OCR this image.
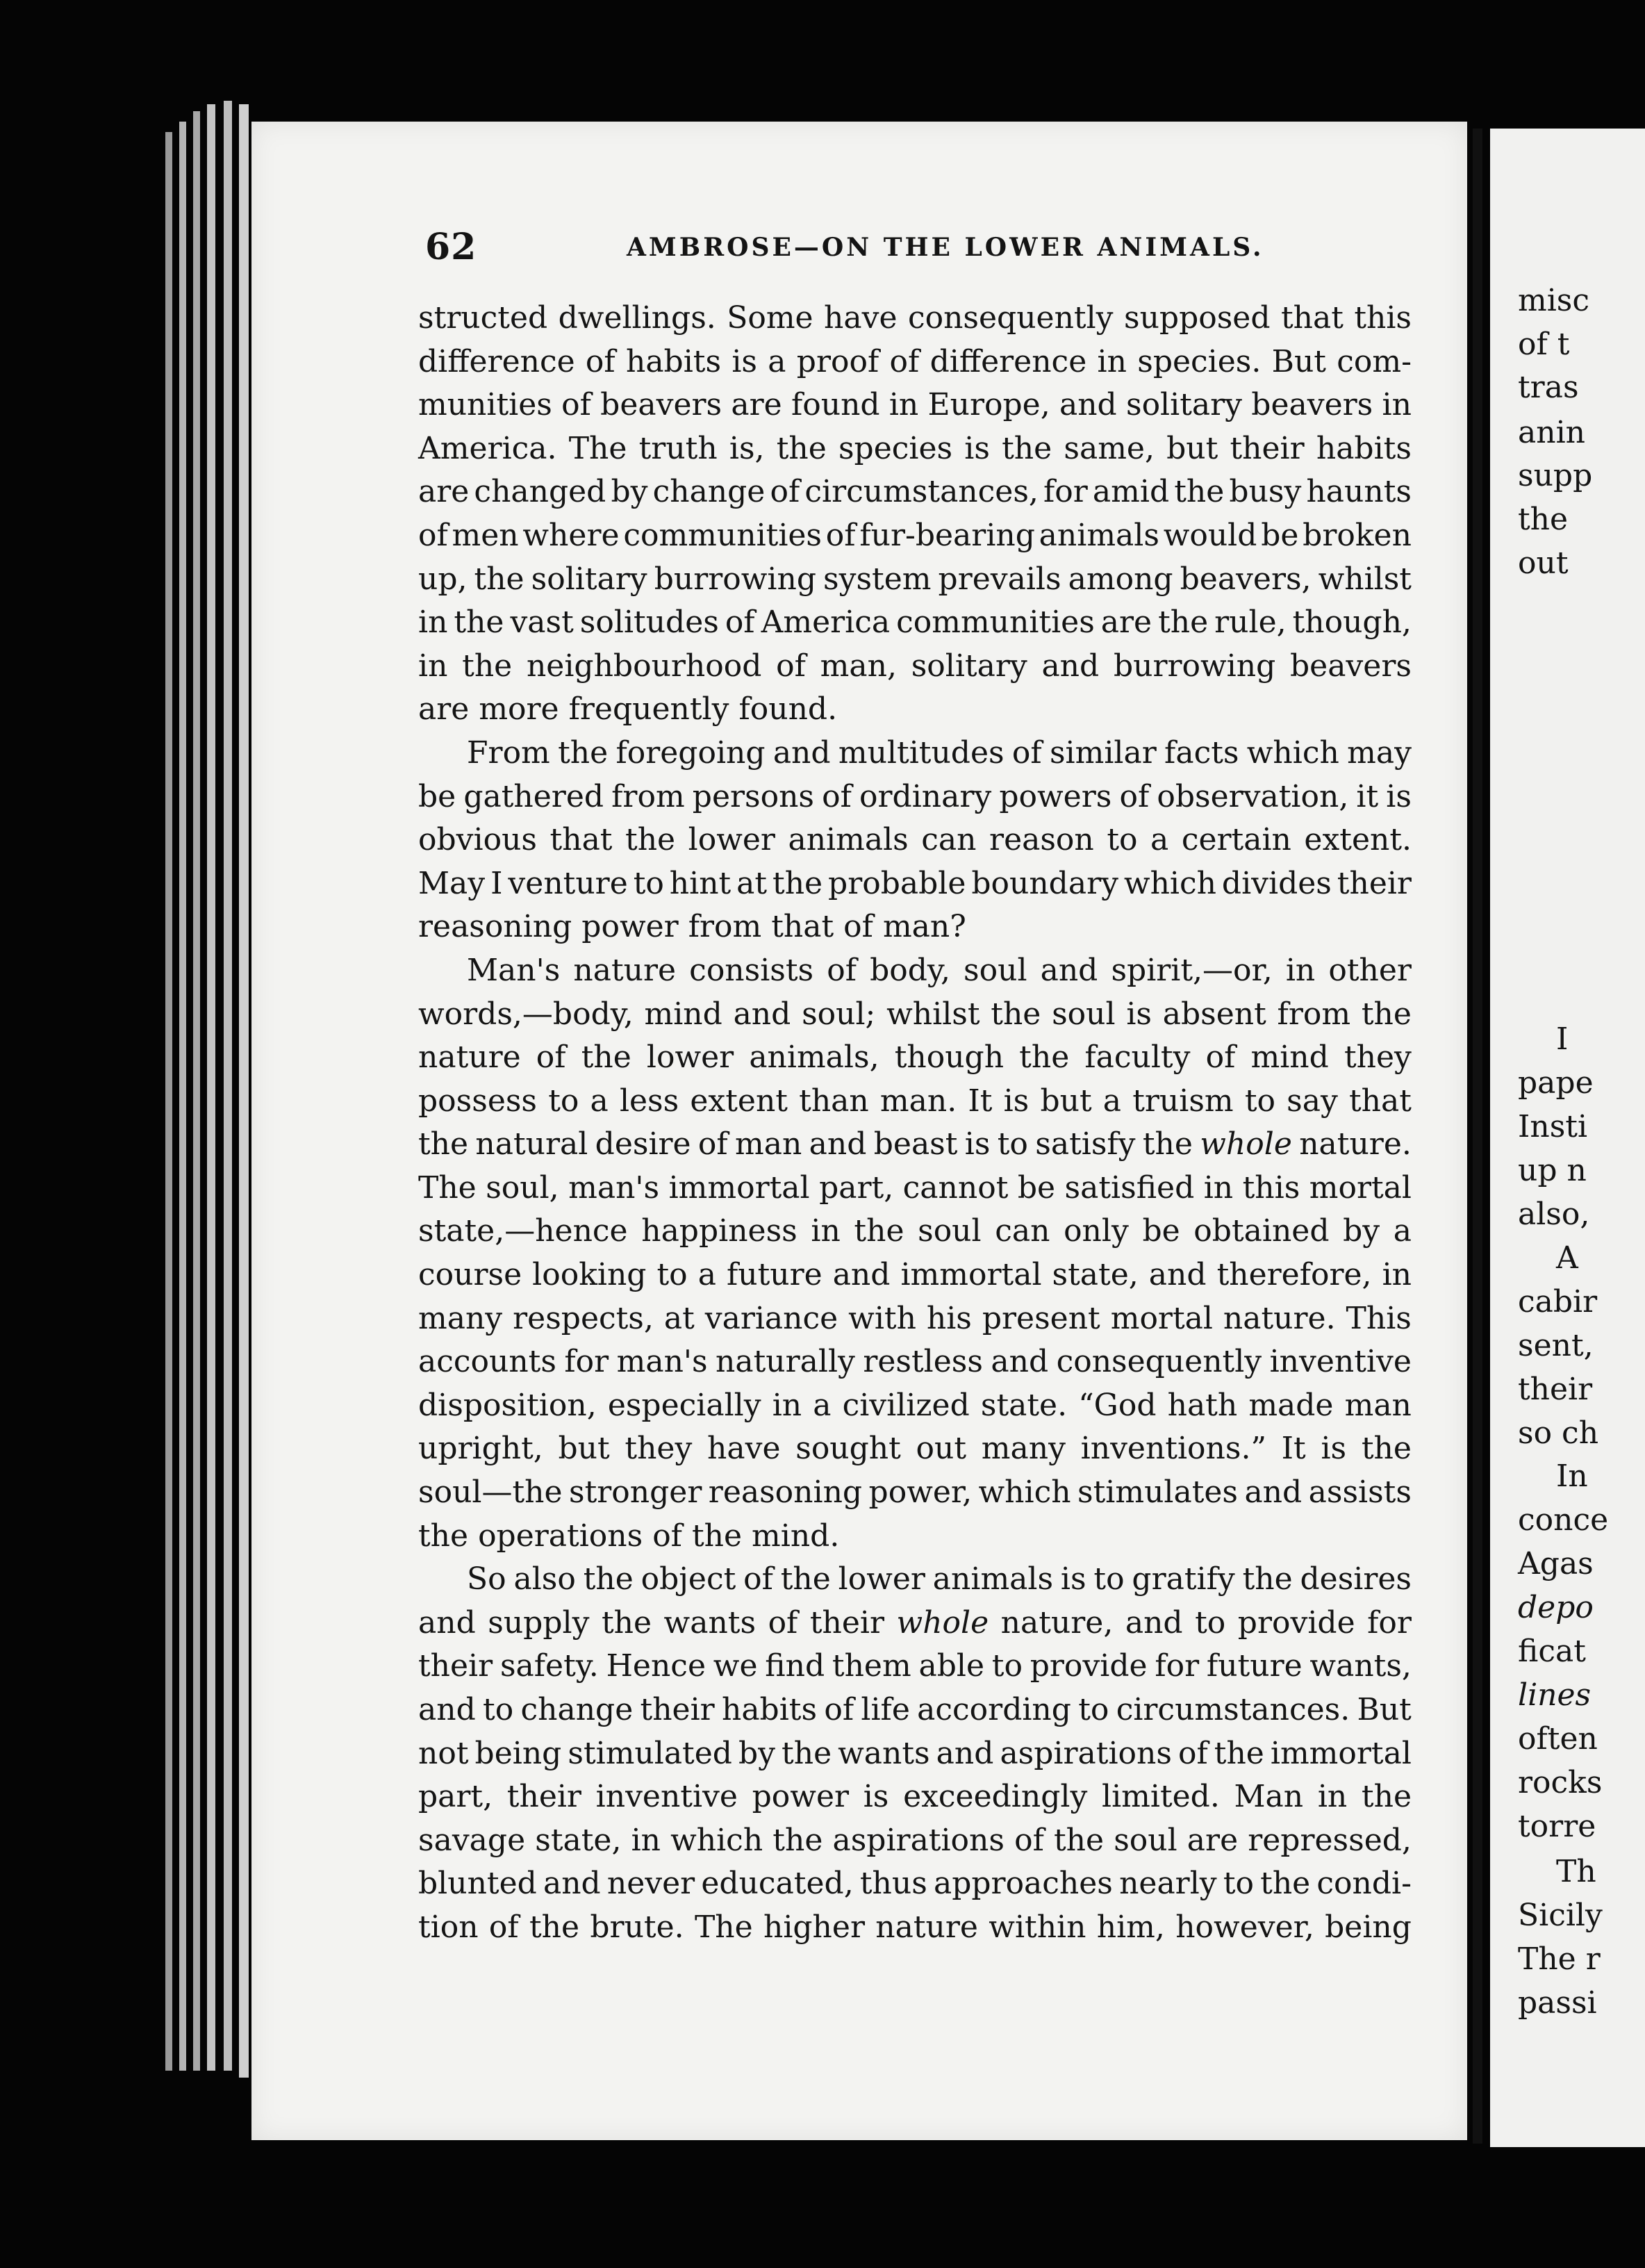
62	AMBROSE—ON THE LOWER ANIMALS.
structed dwellings. Some have consequently supposed that this
difference of habits is a proof of difference in species. But com-
munities of beavers are found in Europe, and solitary beavers in
America. The truth is, the species is the same, but their habits
are changed by change of circumstances, for amid the busy haunts
of men where communities of fur-bearing animals would be broken
up, the solitary burrowing system prevails among beavers, whilst
in the vast solitudes of America communities are the rule, though,
in the neighbourhood of man, solitary and burrowing beavers
are more frequently found.
From the foregoing and multitudes of similar facts which may
be gathered from persons of ordinary powers of observation, it is
obvious that the lower animals can reason to a certain extent.
May I venture to hint at the probable boundary which divides their
reasoning power from that of man?
Man's nature consists of body, soul and spirit,—or, in other
words,—body, mind and soul; whilst the soul is absent from the
nature of the lower animals, though the faculty of mind they
possess to a less extent than man. It is but a truism to say that
the natural desire of man and beast is to satisfy the whole nature.
The soul, man's immortal part, cannot be satisfied in this mortal
state,—hence happiness in the soul can only be obtained by a
course looking to a future and immortal state, and therefore, in
many respects, at variance with his present mortal nature. This
accounts for man's naturally restless and consequently inventive
disposition, especially in a civilized state. “God hath made man
upright, but they have sought out many inventions.” It is the
soul—the stronger reasoning power, which stimulates and assists
the operations of the mind.
So also the object of the lower animals is to gratify the desires
and supply the wants of their whole nature, and to provide for
their safety. Hence we find them able to provide for future wants,
and to change their habits of life according to circumstances. But
not being stimulated by the wants and aspirations of the immortal
part, their inventive power is exceedingly limited. Man in the
savage state, in which the aspirations of the soul are repressed,
blunted and never educated, thus approaches nearly to the condi-
tion of the brute. The higher nature within him, however, being
misc
of t
tras
anin
supp
the
out
I
pape
Insti
up n
also,
A
cabir
sent,
their
so ch
In
conce
Agas
depo
ficat
lines
often
rocks
torre
Th
Sicily
The r
passi
